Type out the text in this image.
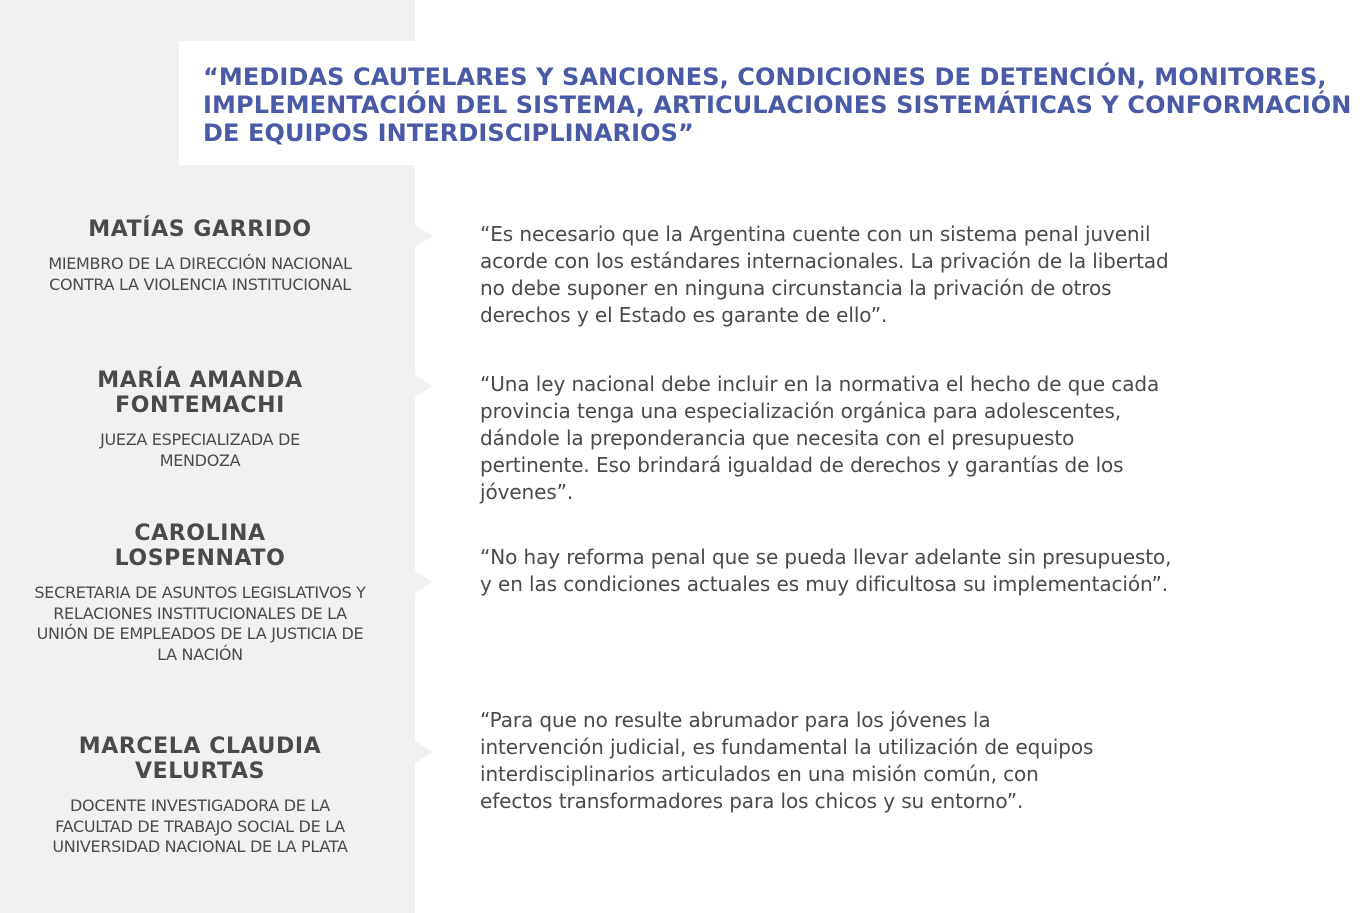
“MEDIDAS CAUTELARES Y SANCIONES, CONDICIONES DE DETENCIÓN, MONITORES, IMPLEMENTACIÓN DEL SISTEMA, ARTICULACIONES SISTEMÁTICAS Y CONFORMACIÓN DE EQUIPOS INTERDISCIPLINARIOS”

MATÍAS GARRIDO

MIEMBRO DE LA DIRECCIÓN NACIONAL CONTRA LA VIOLENCIA INSTITUCIONAL

“Es necesario que la Argentina cuente con un sistema penal juvenil acorde con los estándares internacionales. La privación de la libertad no debe suponer en ninguna circunstancia la privación de otros derechos y el Estado es garante de ello”.

MARÍA AMANDA FONTEMACHI

JUEZA ESPECIALIZADA DE MENDOZA

“Una ley nacional debe incluir en la normativa el hecho de que cada provincia tenga una especialización orgánica para adolescentes, dándole la preponderancia que necesita con el presupuesto pertinente. Eso brindará igualdad de derechos y garantías de los jóvenes”.

CAROLINA LOSPENNATO

SECRETARIA DE ASUNTOS LEGISLATIVOS Y RELACIONES INSTITUCIONALES DE LA UNIÓN DE EMPLEADOS DE LA JUSTICIA DE LA NACIÓN

“No hay reforma penal que se pueda llevar adelante sin presupuesto, y en las condiciones actuales es muy dificultosa su implementación”.

MARCELA CLAUDIA VELURTAS

DOCENTE INVESTIGADORA DE LA FACULTAD DE TRABAJO SOCIAL DE LA UNIVERSIDAD NACIONAL DE LA PLATA

“Para que no resulte abrumador para los jóvenes la intervención judicial, es fundamental la utilización de equipos interdisciplinarios articulados en una misión común, con efectos transformadores para los chicos y su entorno”.
